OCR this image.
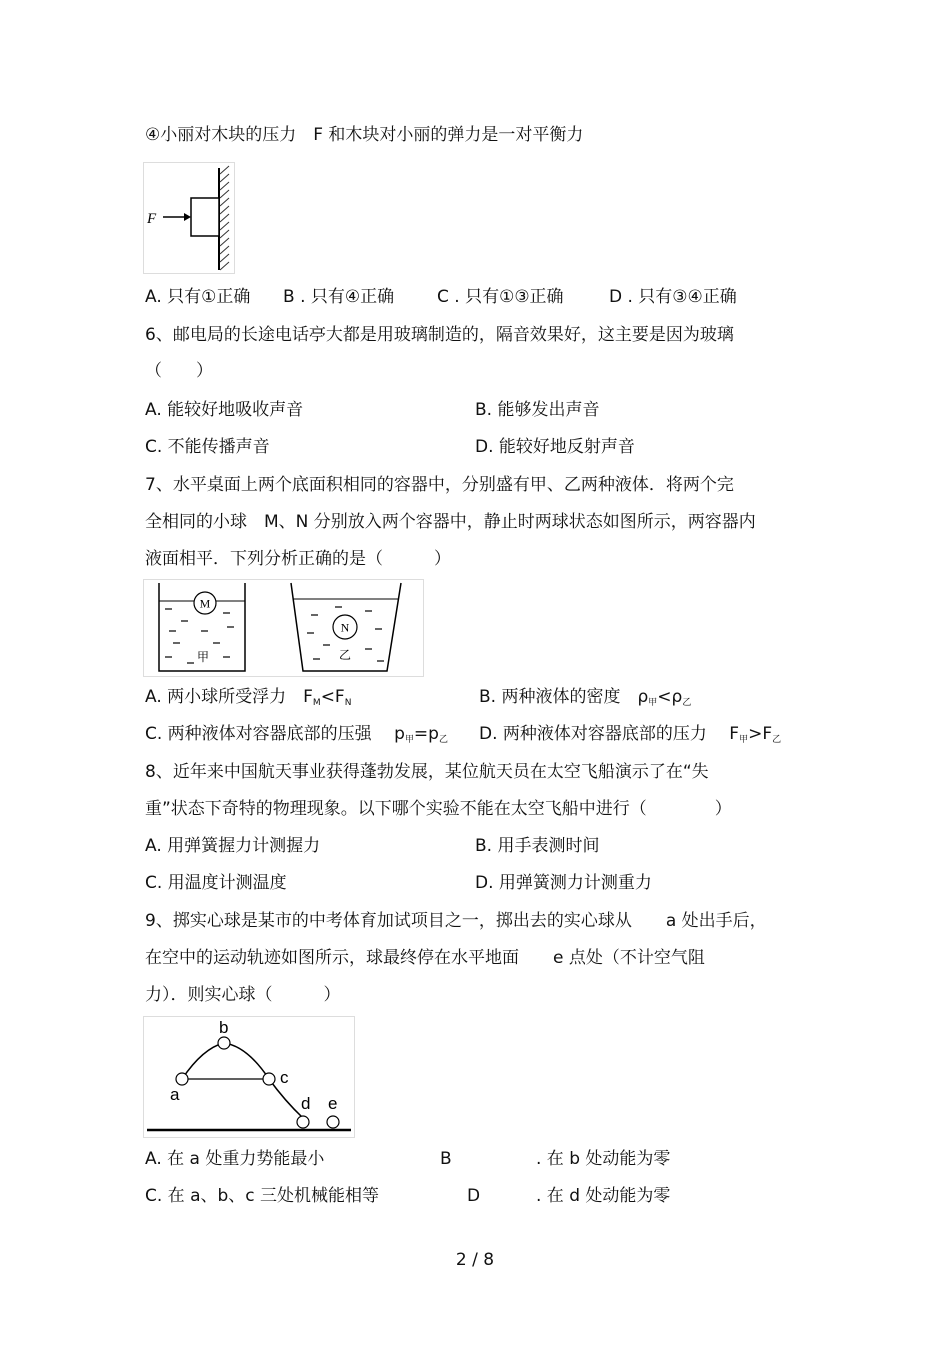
④小丽对木块的压力　F 和木块对小丽的弹力是一对平衡力
F
A. 只有①正确 B . 只有④正确	C . 只有①③正确	D . 只有③④正确
6、邮电局的长途电话亭大都是用玻璃制造的，隔音效果好，这主要是因为玻璃
（　　）
A. 能较好地吸收声音	B. 能够发出声音
C. 不能传播声音	D. 能较好地反射声音
7、水平桌面上两个底面积相同的容器中，分别盛有甲、乙两种液体．将两个完
全相同的小球　M、N 分别放入两个容器中，静止时两球状态如图所示，两容器内
液面相平．下列分析正确的是（　　　）
M
甲
N
乙
A. 两小球所受浮力　$F_M<F_N$	B. 两种液体的密度　$\rho_甲<\rho_乙$
C. 两种液体对容器底部的压强　 $p_甲=p_乙$ D. 两种液体对容器底部的压力　 $F_甲>F_乙$
8、近年来中国航天事业获得蓬勃发展，某位航天员在太空飞船演示了在“失
重”状态下奇特的物理现象。以下哪个实验不能在太空飞船中进行（　　　　）
A. 用弹簧握力计测握力	B. 用手表测时间
C. 用温度计测温度	D. 用弹簧测力计测重力
9、掷实心球是某市的中考体育加试项目之一，掷出去的实心球从　　a 处出手后，
在空中的运动轨迹如图所示，球最终停在水平地面　　e 点处（不计空气阻
力）．则实心球（　　　）
a
b
c
d e
A. 在 a 处重力势能最小	B	. 在 b 处动能为零
C. 在 a、b、c 三处机械能相等	D	. 在 d 处动能为零
2 / 8
